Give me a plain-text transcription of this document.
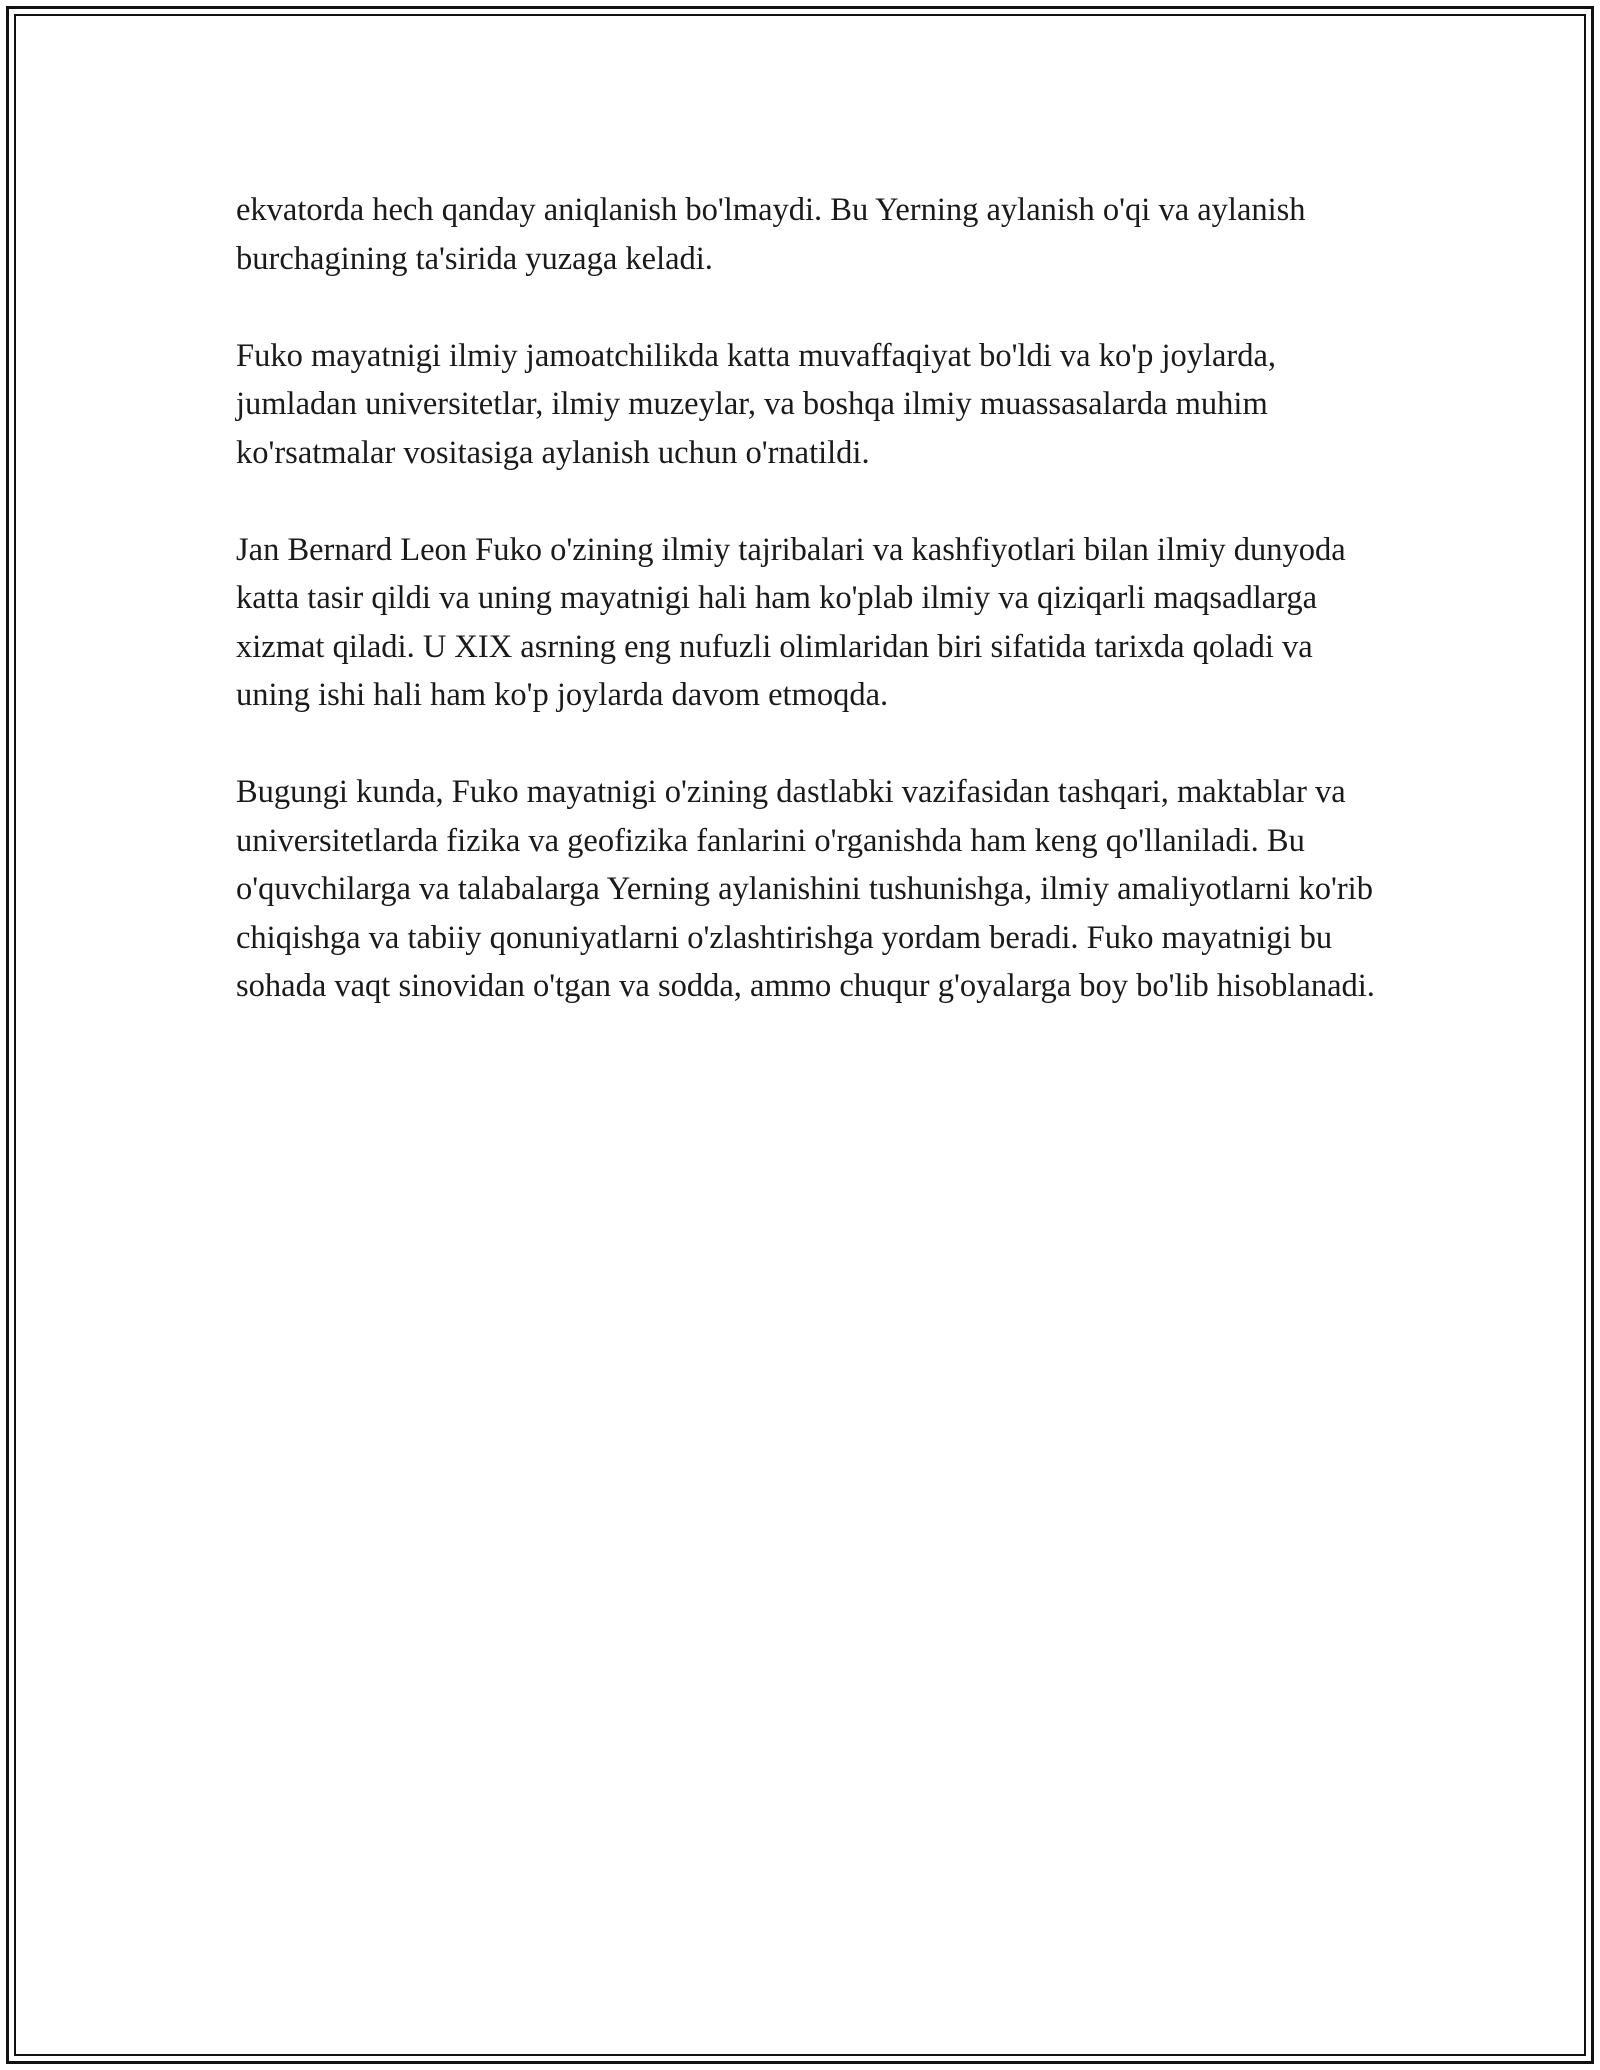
ekvatorda hech qanday aniqlanish bo'lmaydi. Bu Yerning aylanish o'qi va aylanish burchagining ta'sirida yuzaga keladi.

Fuko mayatnigi ilmiy jamoatchilikda katta muvaffaqiyat bo'ldi va ko'p joylarda, jumladan universitetlar, ilmiy muzeylar, va boshqa ilmiy muassasalarda muhim ko'rsatmalar vositasiga aylanish uchun o'rnatildi.

Jan Bernard Leon Fuko o'zining ilmiy tajribalari va kashfiyotlari bilan ilmiy dunyoda katta tasir qildi va uning mayatnigi hali ham ko'plab ilmiy va qiziqarli maqsadlarga xizmat qiladi. U XIX asrning eng nufuzli olimlaridan biri sifatida tarixda qoladi va uning ishi hali ham ko'p joylarda davom etmoqda.

Bugungi kunda, Fuko mayatnigi o'zining dastlabki vazifasidan tashqari, maktablar va universitetlarda fizika va geofizika fanlarini o'rganishda ham keng qo'llaniladi. Bu o'quvchilarga va talabalarga Yerning aylanishini tushunishga, ilmiy amaliyotlarni ko'rib chiqishga va tabiiy qonuniyatlarni o'zlashtirishga yordam beradi. Fuko mayatnigi bu sohada vaqt sinovidan o'tgan va sodda, ammo chuqur g'oyalarga boy bo'lib hisoblanadi.
